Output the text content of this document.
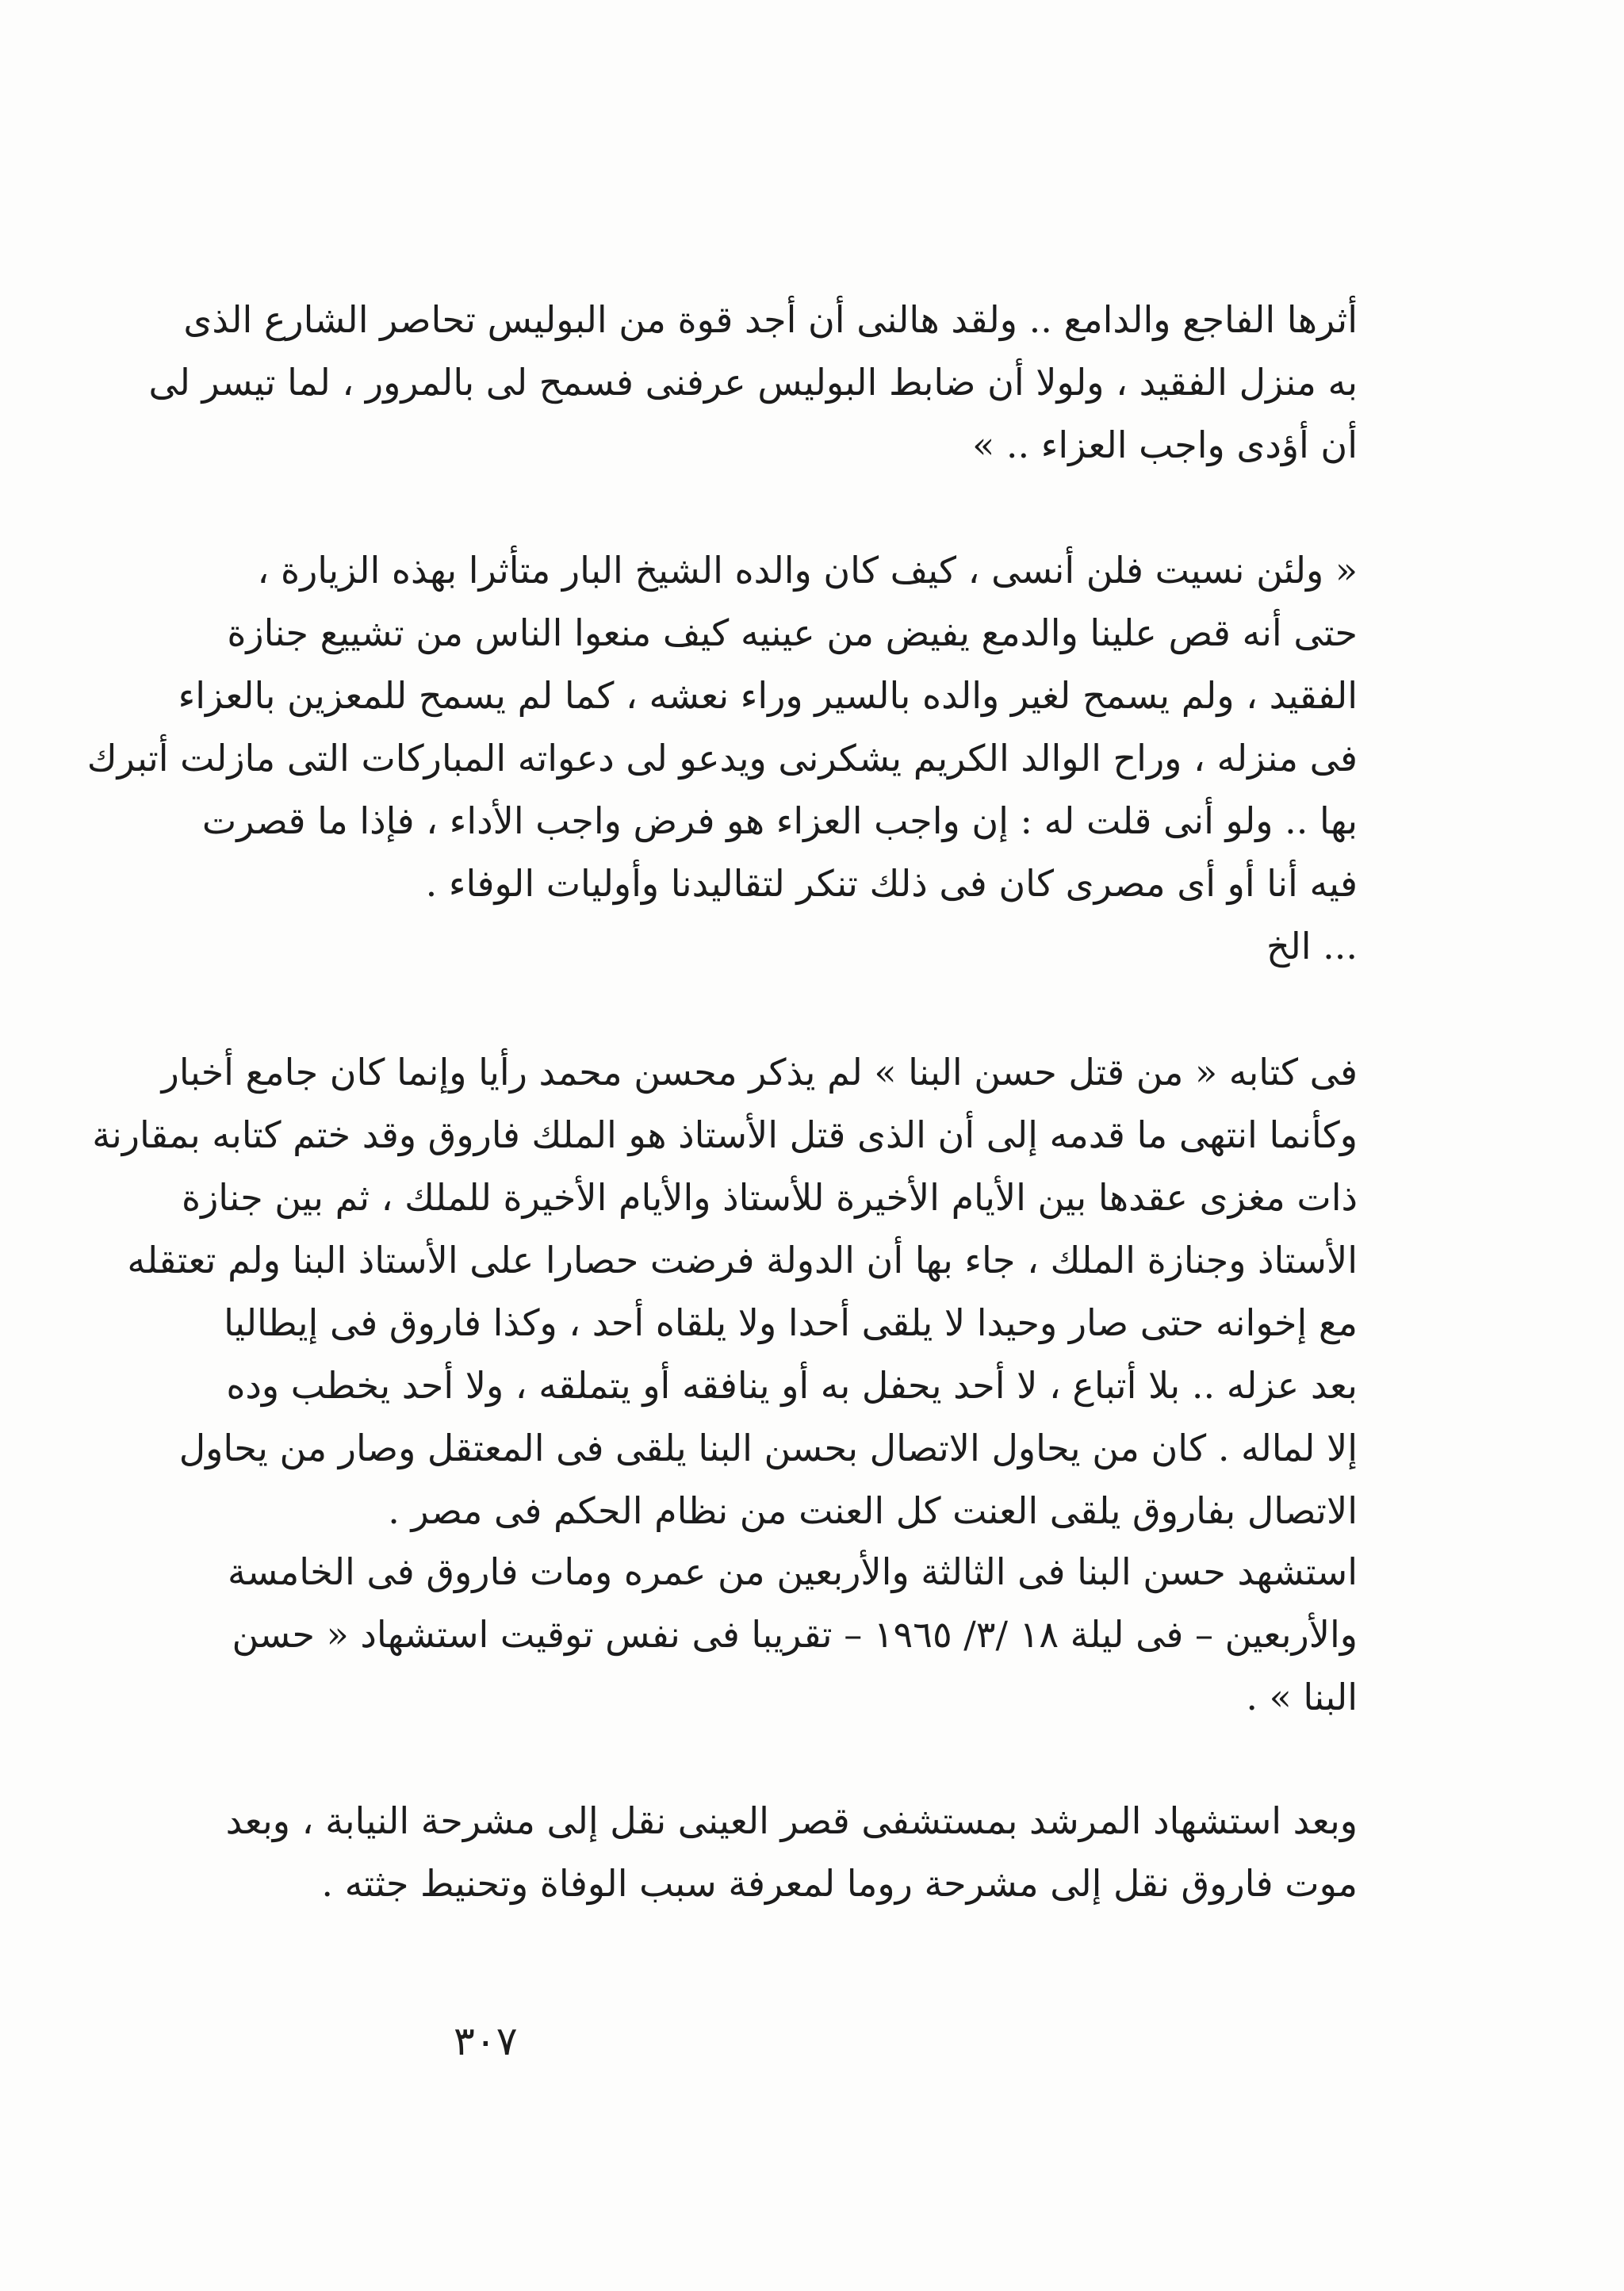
أثرها الفاجع والدامع .. ولقد هالنى أن أجد قوة من البوليس تحاصر الشارع الذى
به منزل الفقيد ، ولولا أن ضابط البوليس عرفنى فسمح لى بالمرور ، لما تيسر لى
أن أؤدى واجب العزاء .. »
« ولئن نسيت فلن أنسى ، كيف كان والده الشيخ البار متأثرا بهذه الزيارة ،
حتى أنه قص علينا والدمع يفيض من عينيه كيف منعوا الناس من تشييع جنازة
الفقيد ، ولم يسمح لغير والده بالسير وراء نعشه ، كما لم يسمح للمعزين بالعزاء
فى منزله ، وراح الوالد الكريم يشكرنى ويدعو لى دعواته المباركات التى مازلت أتبرك
بها .. ولو أنى قلت له : إن واجب العزاء هو فرض واجب الأداء ، فإذا ما قصرت
فيه أنا أو أى مصرى كان فى ذلك تنكر لتقاليدنا وأوليات الوفاء .
... الخ
فى كتابه « من قتل حسن البنا » لم يذكر محسن محمد رأيا وإنما كان جامع أخبار
وكأنما انتهى ما قدمه إلى أن الذى قتل الأستاذ هو الملك فاروق وقد ختم كتابه بمقارنة
ذات مغزى عقدها بين الأيام الأخيرة للأستاذ والأيام الأخيرة للملك ، ثم بين جنازة
الأستاذ وجنازة الملك ، جاء بها أن الدولة فرضت حصارا على الأستاذ البنا ولم تعتقله
مع إخوانه حتى صار وحيدا لا يلقى أحدا ولا يلقاه أحد ، وكذا فاروق فى إيطاليا
بعد عزله .. بلا أتباع ، لا أحد يحفل به أو ينافقه أو يتملقه ، ولا أحد يخطب وده
إلا لماله . كان من يحاول الاتصال بحسن البنا يلقى فى المعتقل وصار من يحاول
الاتصال بفاروق يلقى العنت كل العنت من نظام الحكم فى مصر .
استشهد حسن البنا فى الثالثة والأربعين من عمره ومات فاروق فى الخامسة
والأربعين – فى ليلة ١٨ /٣/ ١٩٦٥ – تقريبا فى نفس توقيت استشهاد « حسن
البنا » .
وبعد استشهاد المرشد بمستشفى قصر العينى نقل إلى مشرحة النيابة ، وبعد
موت فاروق نقل إلى مشرحة روما لمعرفة سبب الوفاة وتحنيط جثته .
٣٠٧
